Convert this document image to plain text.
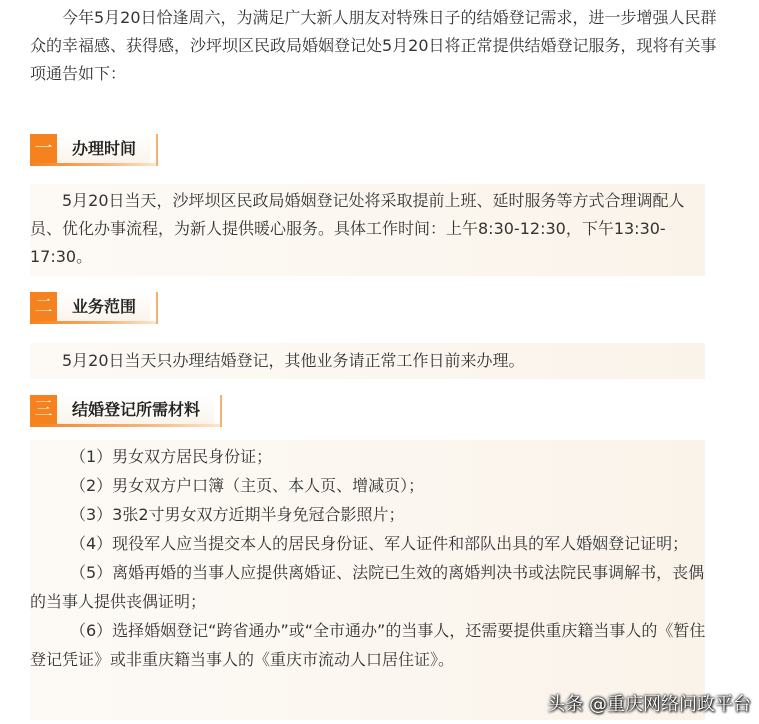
今年5月20日恰逢周六，为满足广大新人朋友对特殊日子的结婚登记需求，进一步增强人民群众的幸福感、获得感，沙坪坝区民政局婚姻登记处5月20日将正常提供结婚登记服务，现将有关事项通告如下：

一	办理时间

5月20日当天，沙坪坝区民政局婚姻登记处将采取提前上班、延时服务等方式合理调配人员、优化办事流程，为新人提供暖心服务。具体工作时间：上午8:30-12:30，下午13:30-17:30。

二	业务范围

5月20日当天只办理结婚登记，其他业务请正常工作日前来办理。

三	结婚登记所需材料
（1）男女双方居民身份证；
（2）男女双方户口簿（主页、本人页、增减页）；
（3）3张2寸男女双方近期半身免冠合影照片；
（4）现役军人应当提交本人的居民身份证、军人证件和部队出具的军人婚姻登记证明；
（5）离婚再婚的当事人应提供离婚证、法院已生效的离婚判决书或法院民事调解书，丧偶的当事人提供丧偶证明；
（6）选择婚姻登记“跨省通办”或“全市通办”的当事人，还需要提供重庆籍当事人的《暂住登记凭证》或非重庆籍当事人的《重庆市流动人口居住证》。
头条 @重庆网络问政平台
